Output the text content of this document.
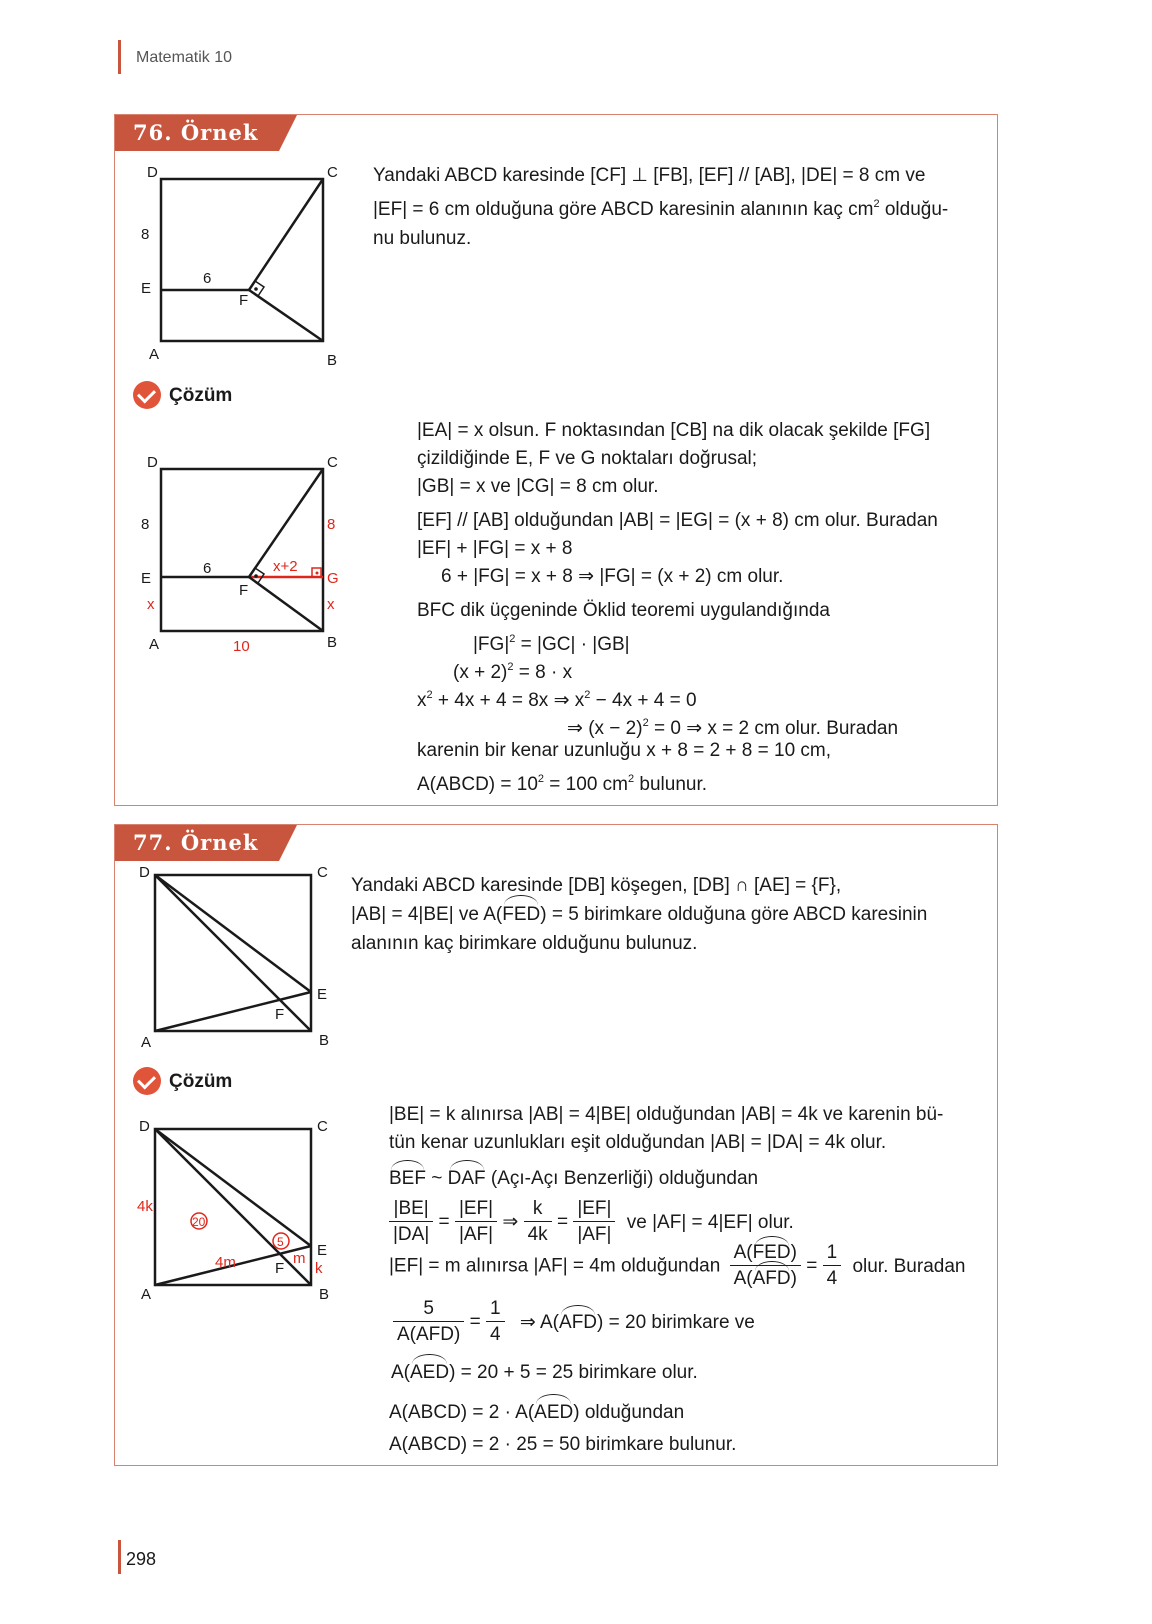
Matematik 10
76. Örnek
D	C
A	B
E
F
8
6
Yandaki ABCD karesinde [CF] ⊥ [FB], [EF] // [AB], |DE| = 8 cm ve
|EF| = 6 cm olduğuna göre ABCD karesinin alanının kaç $cm^2$ olduğu-
nu bulunuz.
Çözüm
D	C
A	B
E
F
G
8
6
8
x+2
x	x
10
|EA| = x olsun. F noktasından [CB] na dik olacak şekilde [FG]
çizildiğinde E, F ve G noktaları doğrusal;
|GB| = x ve |CG| = 8 cm olur.
[EF] // [AB] olduğundan |AB| = |EG| = (x + 8) cm olur. Buradan
|EF| + |FG| = x + 8
6 + |FG| = x + 8 ⇒ |FG| = (x + 2) cm olur.
BFC dik üçgeninde Öklid teoremi uygulandığında
$|FG|^2 = |GC| \cdot |GB|$
$(x + 2)^2 = 8 \cdot x$
$x^2 + 4x + 4 = 8x$ ⇒ $x^2 - 4x + 4 = 0$
⇒ $(x - 2)^2 = 0$ ⇒ x = 2 cm olur. Buradan
karenin bir kenar uzunluğu x + 8 = 2 + 8 = 10 cm,
A(ABCD) = $10^2 = 100$ $cm^2$ bulunur.
77. Örnek
D	C
A	B
E
F
Yandaki ABCD karesinde [DB] köşegen, [DB] ∩ [AE] = {F},
|AB| = 4|BE| ve A(FED) = 5 birimkare olduğuna göre ABCD karesinin
alanının kaç birimkare olduğunu bulunuz.
Çözüm
D	C
A	B
E
F
4k
20
5
4m	m
k
|BE| = k alınırsa |AB| = 4|BE| olduğundan |AB| = 4k ve karenin bü-
tün kenar uzunlukları eşit olduğundan |AB| = |DA| = 4k olur.
BEF ~ DAF (Açı-Açı Benzerliği) olduğundan
$\frac{|BE|}{|DA|} = \frac{|EF|}{|AF|}$ ⇒ $\frac{k}{4k} = \frac{|EF|}{|AF|}$ ve |AF| = 4|EF| olur.
|EF| = m alınırsa |AF| = 4m olduğundan $\frac{\text{A(FED)}}{\text{A(AFD)}} = \frac{1}{4}$ olur. Buradan
$\frac{5}{\text{A(AFD)}} = \frac{1}{4}$ ⇒ A(AFD) = 20 birimkare ve
A(AED) = 20 + 5 = 25 birimkare olur.
A(ABCD) = 2 · A(AED) olduğundan
A(ABCD) = 2 · 25 = 50 birimkare bulunur.
298
